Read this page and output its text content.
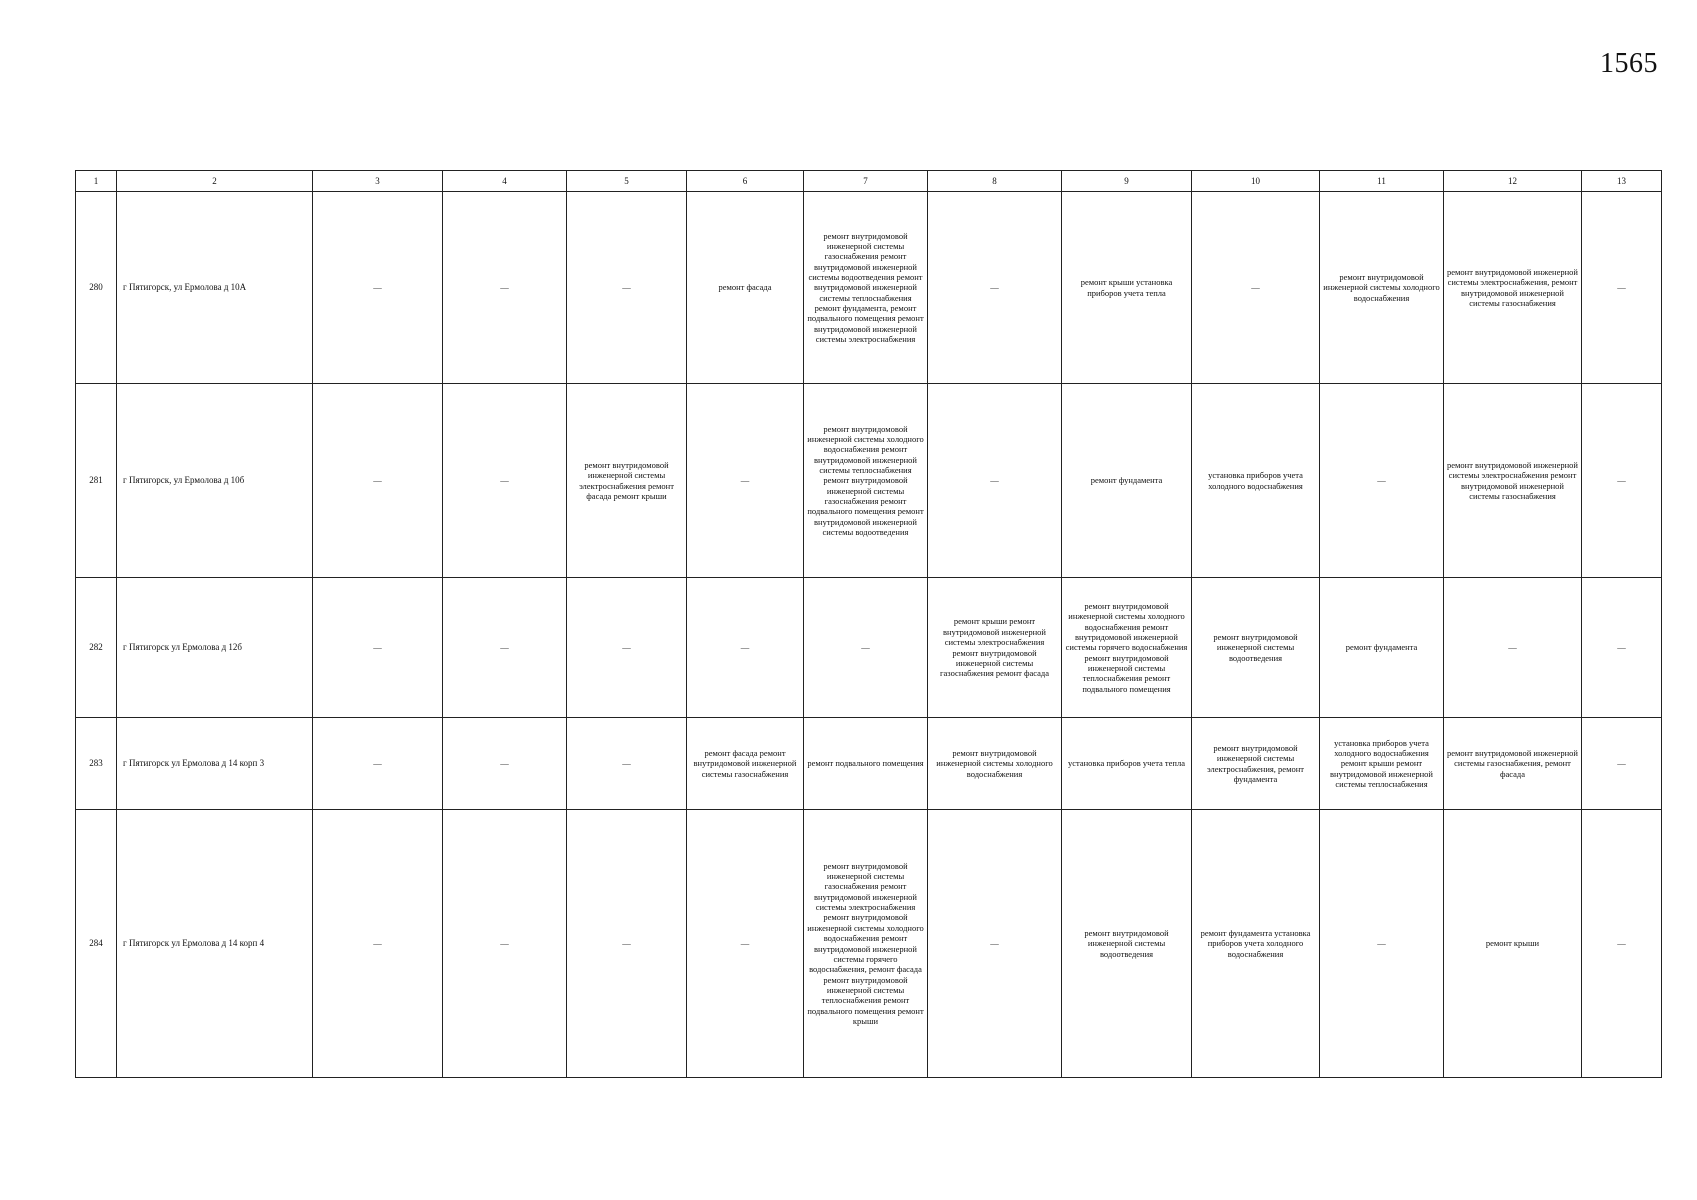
1565
1	2	3	4	5	6	7	8	9	10	11	12	13
280	г Пятигорск, ул Ермолова д 10А	—	—	—	ремонт фасада	ремонт внутридомовой инженерной системы газоснабжения ремонт внутридомовой инженерной системы водоотведения ремонт внутридомовой инженерной системы теплоснабжения ремонт фундамента, ремонт подвального помещения ремонт внутридомовой инженерной системы электроснабжения	—	ремонт крыши установка приборов учета тепла	—	ремонт внутридомовой инженерной системы холодного водоснабжения	ремонт внутридомовой инженерной системы электроснабжения, ремонт внутридомовой инженерной системы газоснабжения	—
281	г Пятигорск, ул Ермолова д 10б	—	—	ремонт внутридомовой инженерной системы электроснабжения ремонт фасада ремонт крыши	—	ремонт внутридомовой инженерной системы холодного водоснабжения ремонт внутридомовой инженерной системы теплоснабжения ремонт внутридомовой инженерной системы газоснабжения ремонт подвального помещения ремонт внутридомовой инженерной системы водоотведения	—	ремонт фундамента	установка приборов учета холодного водоснабжения	—	ремонт внутридомовой инженерной системы электроснабжения ремонт внутридомовой инженерной системы газоснабжения	—
282	г Пятигорск ул Ермолова д 12б	—	—	—	—	—	ремонт крыши ремонт внутридомовой инженерной системы электроснабжения ремонт внутридомовой инженерной системы газоснабжения ремонт фасада	ремонт внутридомовой инженерной системы холодного водоснабжения ремонт внутридомовой инженерной системы горячего водоснабжения ремонт внутридомовой инженерной системы теплоснабжения ремонт подвального помещения	ремонт внутридомовой инженерной системы водоотведения	ремонт фундамента	—	—
283	г Пятигорск ул Ермолова д 14 корп 3	—	—	—	ремонт фасада ремонт внутридомовой инженерной системы газоснабжения	ремонт подвального помещения	ремонт внутридомовой инженерной системы холодного водоснабжения	установка приборов учета тепла	ремонт внутридомовой инженерной системы электроснабжения, ремонт фундамента	установка приборов учета холодного водоснабжения ремонт крыши ремонт внутридомовой инженерной системы теплоснабжения	ремонт внутридомовой инженерной системы газоснабжения, ремонт фасада	—
284	г Пятигорск ул Ермолова д 14 корп 4	—	—	—	—	ремонт внутридомовой инженерной системы газоснабжения ремонт внутридомовой инженерной системы электроснабжения ремонт внутридомовой инженерной системы холодного водоснабжения ремонт внутридомовой инженерной системы горячего водоснабжения, ремонт фасада ремонт внутридомовой инженерной системы теплоснабжения ремонт подвального помещения ремонт крыши	—	ремонт внутридомовой инженерной системы водоотведения	ремонт фундамента установка приборов учета холодного водоснабжения	—	ремонт крыши	—
